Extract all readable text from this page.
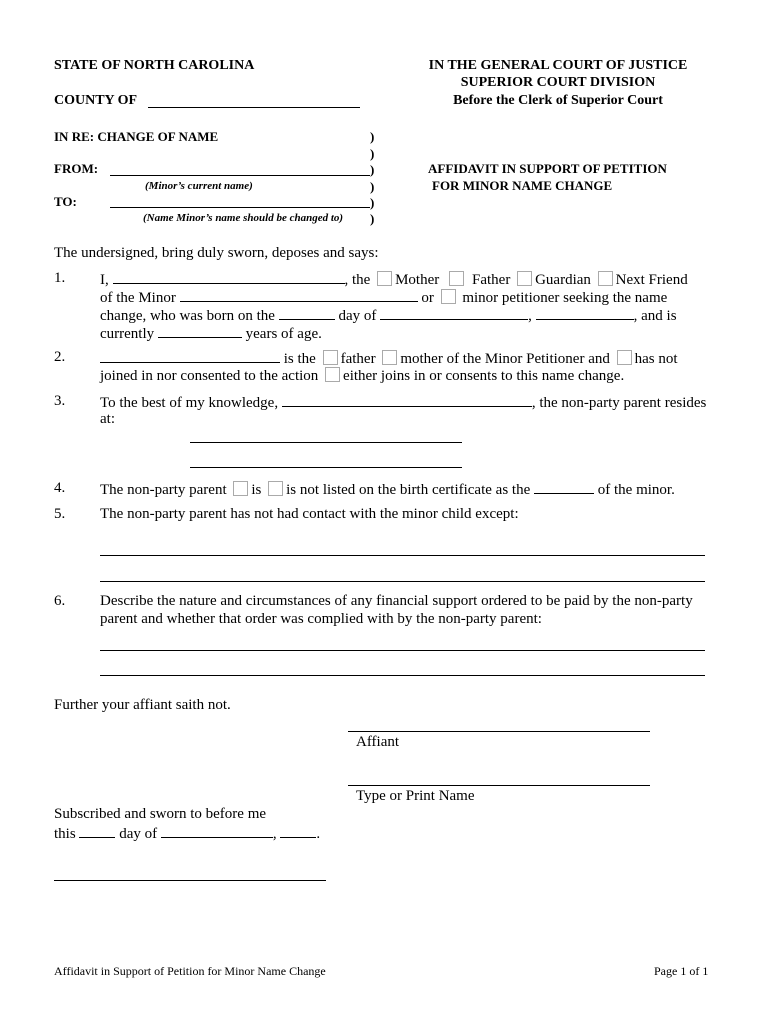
STATE OF NORTH CAROLINA
COUNTY OF
IN THE GENERAL COURT OF JUSTICE
SUPERIOR COURT DIVISION
Before the Clerk of Superior Court
IN RE: CHANGE OF NAME	)
)
FROM:	)
(Minor’s current name)	)
TO:	)
(Name Minor’s name should be changed to) )
AFFIDAVIT IN SUPPORT OF PETITION
FOR MINOR NAME CHANGE
The undersigned, bring duly sworn, deposes and says:
1. I,	, the Mother Father Guardian Next Friend
of the Minor	or minor petitioner seeking the name
change, who was born on the	day of	,	, and is
currently	years of age.
2.	is the father mother of the Minor Petitioner and has not
joined in nor consented to the action either joins in or consents to this name change.
3. To the best of my knowledge,	, the non-party parent resides
at:
4. The non-party parent is is not listed on the birth certificate as the	of the minor.
5. The non-party parent has not had contact with the minor child except:
6. Describe the nature and circumstances of any financial support ordered to be paid by the non-party
parent and whether that order was complied with by the non-party parent:
Further your affiant saith not.
Affiant
Type or Print Name
Subscribed and sworn to before me
this	day of	,	.
Affidavit in Support of Petition for Minor Name Change	Page 1 of 1
